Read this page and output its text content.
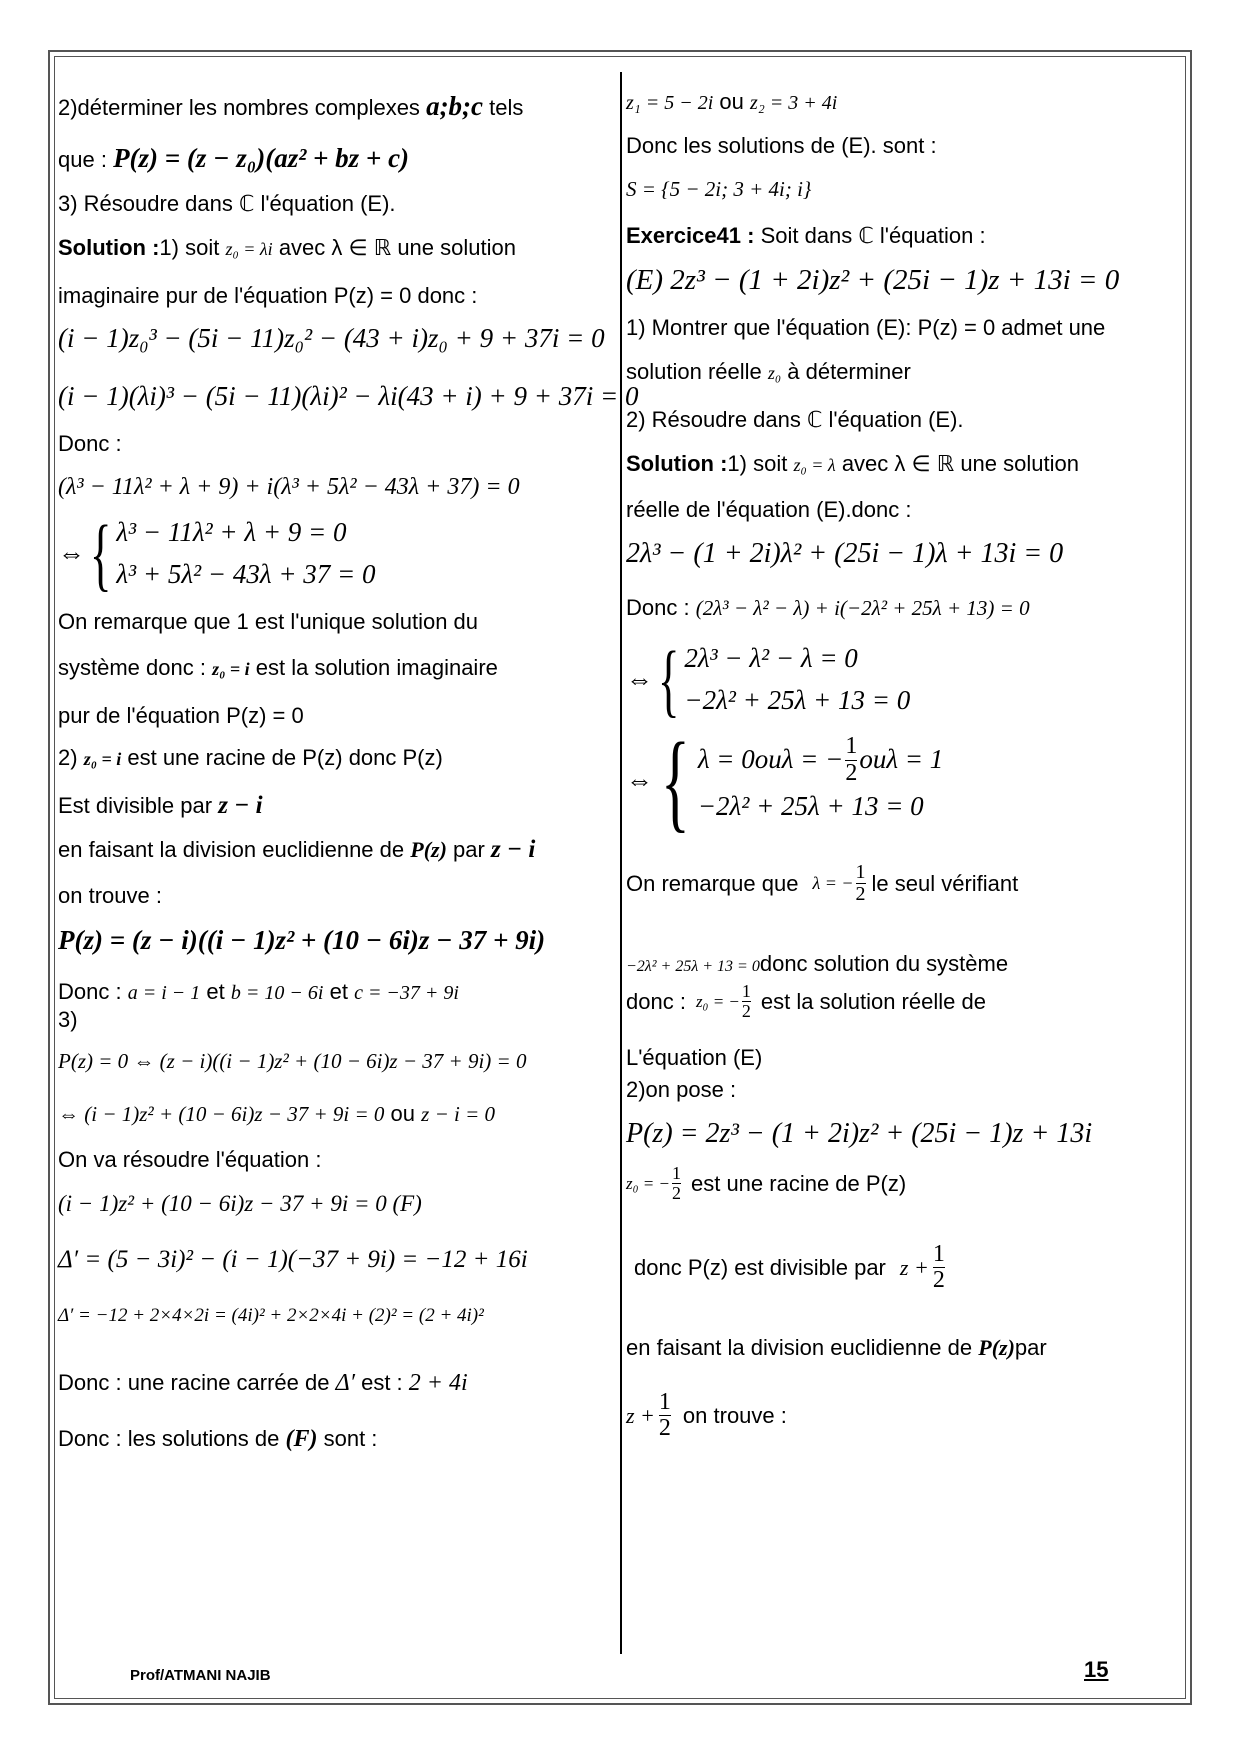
2)déterminer les nombres complexes a;b;c tels
que : P(z) = (z − z₀)(az² + bz + c)
3) Résoudre dans ℂ l'équation (E).
Solution :1) soit z₀ = λi avec λ ∈ ℝ une solution
imaginaire pur de l'équation P(z) = 0 donc :
(i − 1)z₀³ − (5i − 11)z₀² − (43 + i)z₀ + 9 + 37i = 0
(i − 1)(λi)³ − (5i − 11)(λi)² − λi(43 + i) + 9 + 37i = 0
Donc :
(λ³ − 11λ² + λ + 9) + i(λ³ + 5λ² − 43λ + 37) = 0
⇔ { λ³ − 11λ² + λ + 9 = 0
λ³ + 5λ² − 43λ + 37 = 0
On remarque que 1 est l'unique solution du
système donc : z₀ = i est la solution imaginaire
pur de l'équation P(z) = 0
2) z₀ = i est une racine de P(z) donc P(z)
Est divisible par z − i
en faisant la division euclidienne de P(z) par z − i
on trouve :
P(z) = (z − i)((i − 1)z² + (10 − 6i)z − 37 + 9i)
Donc : a = i − 1 et b = 10 − 6i et c = −37 + 9i
3)
P(z) = 0 ⇔ (z − i)((i − 1)z² + (10 − 6i)z − 37 + 9i) = 0
⇔ (i − 1)z² + (10 − 6i)z − 37 + 9i = 0 ou z − i = 0
On va résoudre l'équation :
(i − 1)z² + (10 − 6i)z − 37 + 9i = 0 (F)
Δ′ = (5 − 3i)² − (i − 1)(−37 + 9i) = −12 + 16i
Δ′ = −12 + 2×4×2i = (4i)² + 2×2×4i + (2)² = (2 + 4i)²
Donc : une racine carrée de Δ′ est : 2 + 4i
Donc : les solutions de (F) sont :
z₁ = 5 − 2i ou z₂ = 3 + 4i
Donc les solutions de (E). sont :
S = {5 − 2i; 3 + 4i; i}
Exercice41 : Soit dans ℂ l'équation :
(E) 2z³ − (1 + 2i)z² + (25i − 1)z + 13i = 0
1) Montrer que l'équation (E): P(z) = 0 admet une
solution réelle z₀ à déterminer
2) Résoudre dans ℂ l'équation (E).
Solution :1) soit z₀ = λ avec λ ∈ ℝ une solution
réelle de l'équation (E).donc :
2λ³ − (1 + 2i)λ² + (25i − 1)λ + 13i = 0
Donc : (2λ³ − λ² − λ) + i(−2λ² + 25λ + 13) = 0
⇔ { 2λ³ − λ² − λ = 0
−2λ² + 25λ + 13 = 0
⇔ { λ = 0ouλ = − $\frac{1}{2}$ ouλ = 1
−2λ² + 25λ + 13 = 0
On remarque que λ = − $\frac{1}{2}$ le seul vérifiant
−2λ² + 25λ + 13 = 0donc solution du système
donc : z₀ = − $\frac{1}{2}$ est la solution réelle de
L'équation (E)
2)on pose :
P(z) = 2z³ − (1 + 2i)z² + (25i − 1)z + 13i
z₀ = − $\frac{1}{2}$ est une racine de P(z)
donc P(z) est divisible par $z + \frac{1}{2}$
en faisant la division euclidienne de P(z)par
$z + \frac{1}{2}$ on trouve :
Prof/ATMANI NAJIB	15
